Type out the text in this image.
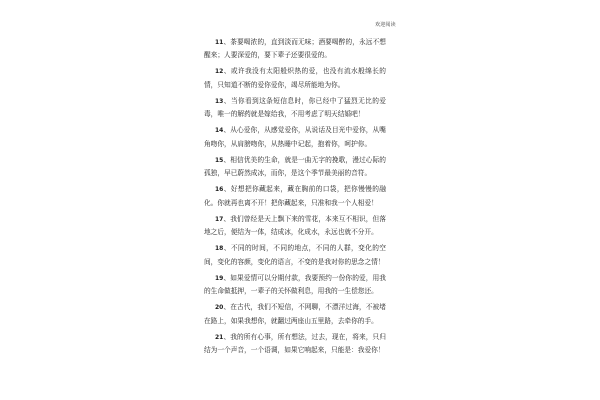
欢迎阅读

11、茶要喝浓的，直到淡而无味；酒要喝醉的，永远不想醒来；人要深爱的，要下辈子还要很爱的。

12、或许我没有太阳般炽热的爱，也没有流水般绵长的情，只知道不断的爱你爱你，竭尽所能地为你。

13、当你看到这条短信息时，你已经中了猛烈无比的爱毒，唯一的解药就是嫁给我，不用考虑了明天结婚吧！

14、从心爱你，从感觉爱你，从说话及目光中爱你，从嘴角吻你，从肩膀吻你，从热睡中记起，抱着你，呵护你。

15、相信优美的生命，就是一曲无字的挽歌，漫过心际的孤独，早已蔚然成冰，而你，是这个季节最美丽的音符。

16、好想把你藏起来，藏在胸前的口袋，把你慢慢的融化。你就再也离不开！把你藏起来，只准和我一个人相爱！

17、我们曾经是天上飘下来的雪花，本来互不相识，但落地之后，便结为一体，结成冰，化成水，永远也就不分开。

18、不同的时间，不同的地点，不同的人群，变化的空间，变化的容颜，变化的语言，不变的是我对你的思念之情！

19、如果爱情可以分期付款，我要预约一份你的爱，用我的生命做抵押，一辈子的关怀做利息，用我的一生偿您还。

20、在古代，我们不短信，不网聊，不漂洋过海，不被堵在路上，如果我想你，就翻过两座山五里路，去牵你的手。

21、我的所有心事，所有想法，过去，现在，将来，只归结为一个声音，一个语调，如果它响起来，只能是：我爱你！
